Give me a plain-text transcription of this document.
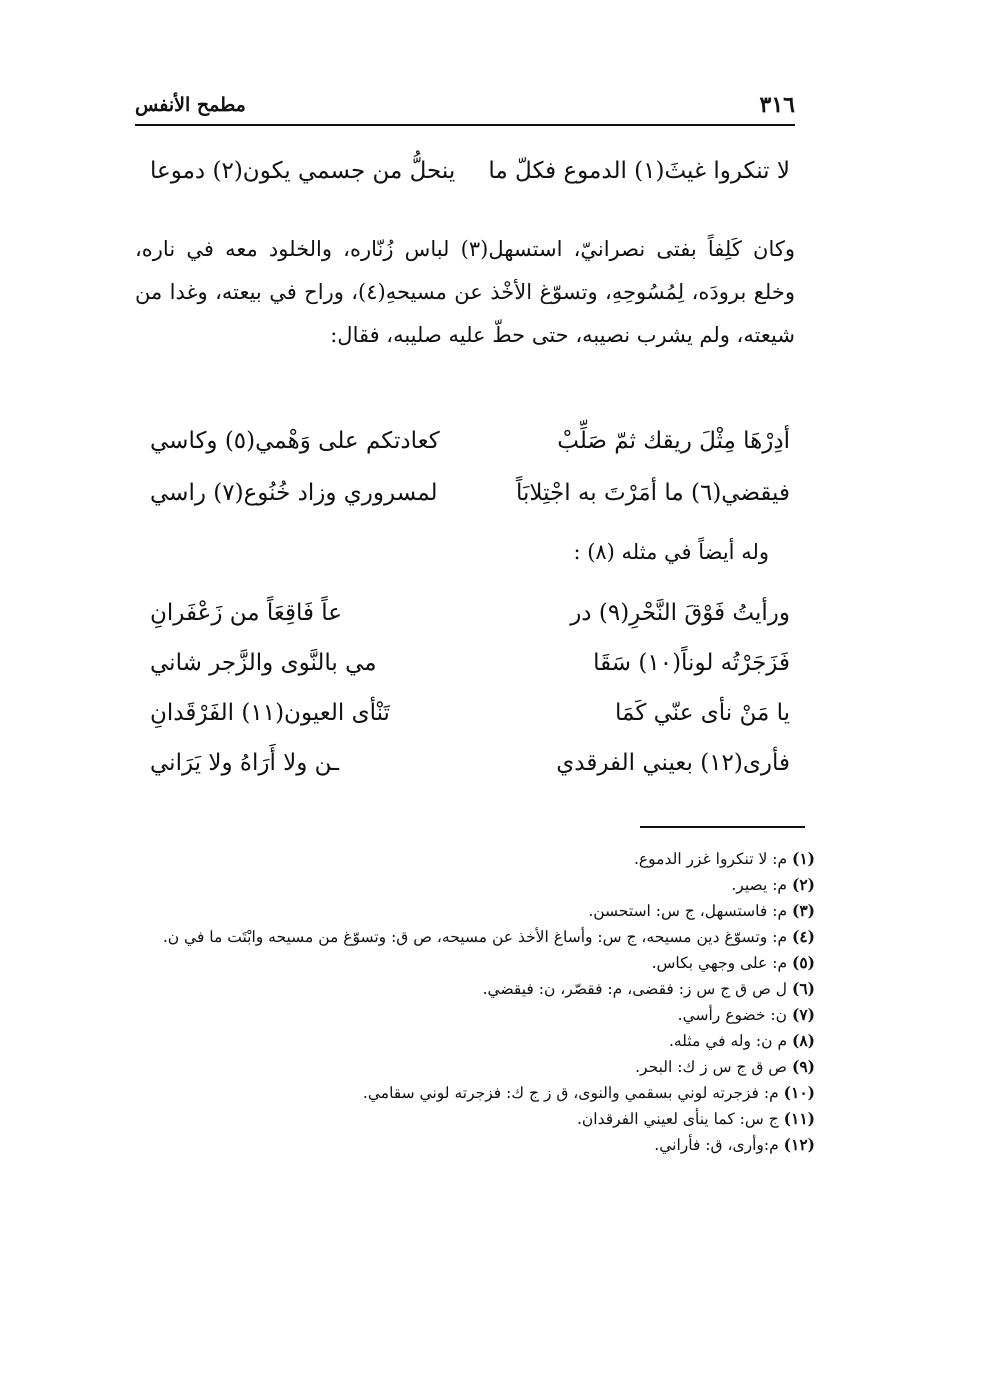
٣١٦
مطمح الأنفس
لا تنكروا غيثَ(١) الدموع فكلّ ما
ينحلُّ من جسمي يكون(٢) دموعا

وكان كَلِفاً بفتى نصرانيّ، استسهل(٣) لباس زُنّاره، والخلود معه في ناره، وخلع برودَه، لِمُسُوحِهِ، وتسوّغ الأخْذ عن مسيحهِ(٤)، وراح في بيعته، وغدا من شيعته، ولم يشرب نصيبه، حتى حطّ عليه صليبه، فقال:

أدِرْهَا مِثْلَ ريقك ثمّ صَلِّبْ
كعادتكم على وَهْمي(٥) وكاسي
فيقضي(٦) ما أمَرْتَ به اجْتِلابَاً
لمسروري وزاد خُنُوع(٧) راسي
وله أيضاً في مثله (٨) :
ورأيتُ فَوْقَ النَّحْرِ(٩) در
عاً فَاقِعَاً من زَعْفَرانِ
فَزَجَرْتُه لوناً(١٠) سَقَا
مي بالنَّوى والزَّجر شاني
يا مَنْ نأى عنّي كَمَا
تَنْأى العيون(١١) الفَرْقَدانِ
فأرى(١٢) بعيني الفرقدي
ـن ولا أَرَاهُ ولا يَرَاني

(١) م: لا تنكروا غزر الدموع.

(٢) م: يصير.

(٣) م: فاستسهل، ج س: استحسن.

(٤) م: وتسوّغ دين مسيحه، ج س: وأساغ الأخذ عن مسيحه، ص ق: وتسوّغ من مسيحه وابْتَت ما في ن.

(٥) م: على وجهي بكاس.

(٦) ل ص ق ج س ز: فقضى، م: فقصّر، ن: فيقضي.

(٧) ن: خضوع رأسي.

(٨) م ن: وله في مثله.

(٩) ص ق ج س ز ك: البحر.

(١٠) م: فزجرته لوني بسقمي والنوى، ق ز ج ك: فزجرته لوني سقامي.

(١١) ج س: كما ينأى لعيني الفرقدان.

(١٢) م:وأرى، ق: فأراني.
